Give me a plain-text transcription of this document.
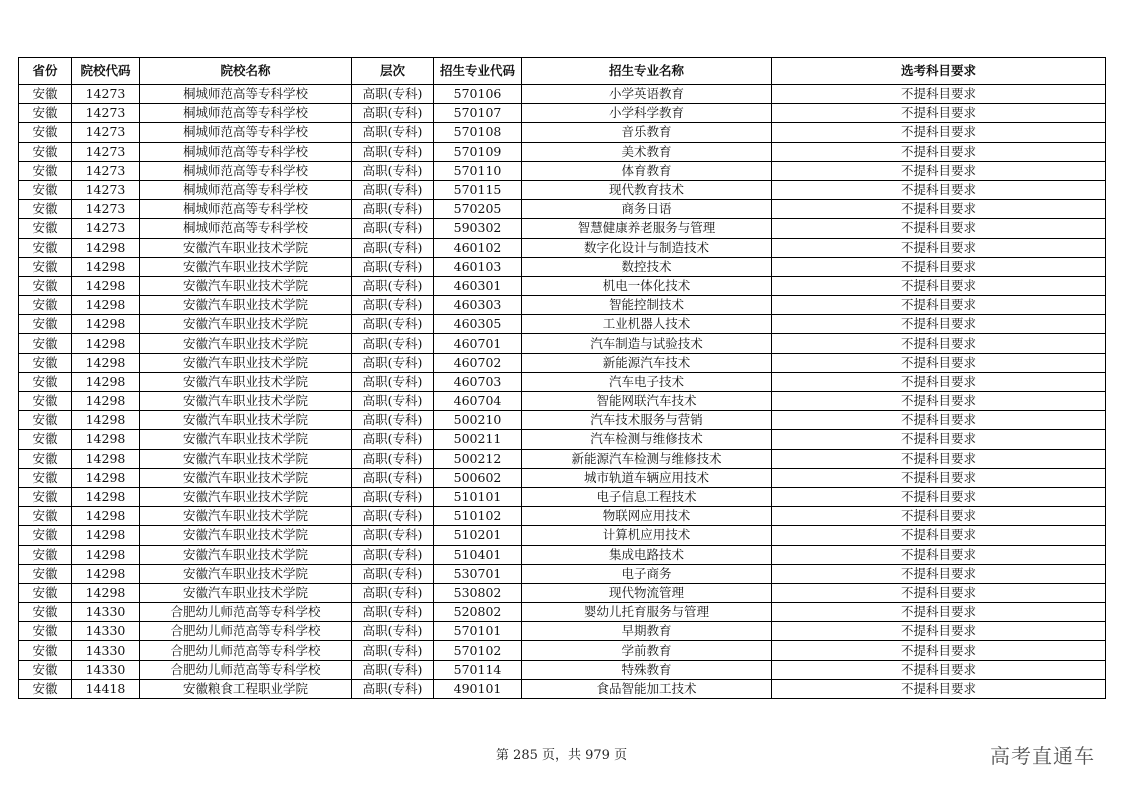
省份	院校代码	院校名称	层次	招生专业代码	招生专业名称	选考科目要求
安徽	14273	桐城师范高等专科学校	高职(专科)	570106	小学英语教育	不提科目要求
安徽	14273	桐城师范高等专科学校	高职(专科)	570107	小学科学教育	不提科目要求
安徽	14273	桐城师范高等专科学校	高职(专科)	570108	音乐教育	不提科目要求
安徽	14273	桐城师范高等专科学校	高职(专科)	570109	美术教育	不提科目要求
安徽	14273	桐城师范高等专科学校	高职(专科)	570110	体育教育	不提科目要求
安徽	14273	桐城师范高等专科学校	高职(专科)	570115	现代教育技术	不提科目要求
安徽	14273	桐城师范高等专科学校	高职(专科)	570205	商务日语	不提科目要求
安徽	14273	桐城师范高等专科学校	高职(专科)	590302	智慧健康养老服务与管理	不提科目要求
安徽	14298	安徽汽车职业技术学院	高职(专科)	460102	数字化设计与制造技术	不提科目要求
安徽	14298	安徽汽车职业技术学院	高职(专科)	460103	数控技术	不提科目要求
安徽	14298	安徽汽车职业技术学院	高职(专科)	460301	机电一体化技术	不提科目要求
安徽	14298	安徽汽车职业技术学院	高职(专科)	460303	智能控制技术	不提科目要求
安徽	14298	安徽汽车职业技术学院	高职(专科)	460305	工业机器人技术	不提科目要求
安徽	14298	安徽汽车职业技术学院	高职(专科)	460701	汽车制造与试验技术	不提科目要求
安徽	14298	安徽汽车职业技术学院	高职(专科)	460702	新能源汽车技术	不提科目要求
安徽	14298	安徽汽车职业技术学院	高职(专科)	460703	汽车电子技术	不提科目要求
安徽	14298	安徽汽车职业技术学院	高职(专科)	460704	智能网联汽车技术	不提科目要求
安徽	14298	安徽汽车职业技术学院	高职(专科)	500210	汽车技术服务与营销	不提科目要求
安徽	14298	安徽汽车职业技术学院	高职(专科)	500211	汽车检测与维修技术	不提科目要求
安徽	14298	安徽汽车职业技术学院	高职(专科)	500212	新能源汽车检测与维修技术	不提科目要求
安徽	14298	安徽汽车职业技术学院	高职(专科)	500602	城市轨道车辆应用技术	不提科目要求
安徽	14298	安徽汽车职业技术学院	高职(专科)	510101	电子信息工程技术	不提科目要求
安徽	14298	安徽汽车职业技术学院	高职(专科)	510102	物联网应用技术	不提科目要求
安徽	14298	安徽汽车职业技术学院	高职(专科)	510201	计算机应用技术	不提科目要求
安徽	14298	安徽汽车职业技术学院	高职(专科)	510401	集成电路技术	不提科目要求
安徽	14298	安徽汽车职业技术学院	高职(专科)	530701	电子商务	不提科目要求
安徽	14298	安徽汽车职业技术学院	高职(专科)	530802	现代物流管理	不提科目要求
安徽	14330	合肥幼儿师范高等专科学校	高职(专科)	520802	婴幼儿托育服务与管理	不提科目要求
安徽	14330	合肥幼儿师范高等专科学校	高职(专科)	570101	早期教育	不提科目要求
安徽	14330	合肥幼儿师范高等专科学校	高职(专科)	570102	学前教育	不提科目要求
安徽	14330	合肥幼儿师范高等专科学校	高职(专科)	570114	特殊教育	不提科目要求
安徽	14418	安徽粮食工程职业学院	高职(专科)	490101	食品智能加工技术	不提科目要求
第 285 页，共 979 页	高考直通车
